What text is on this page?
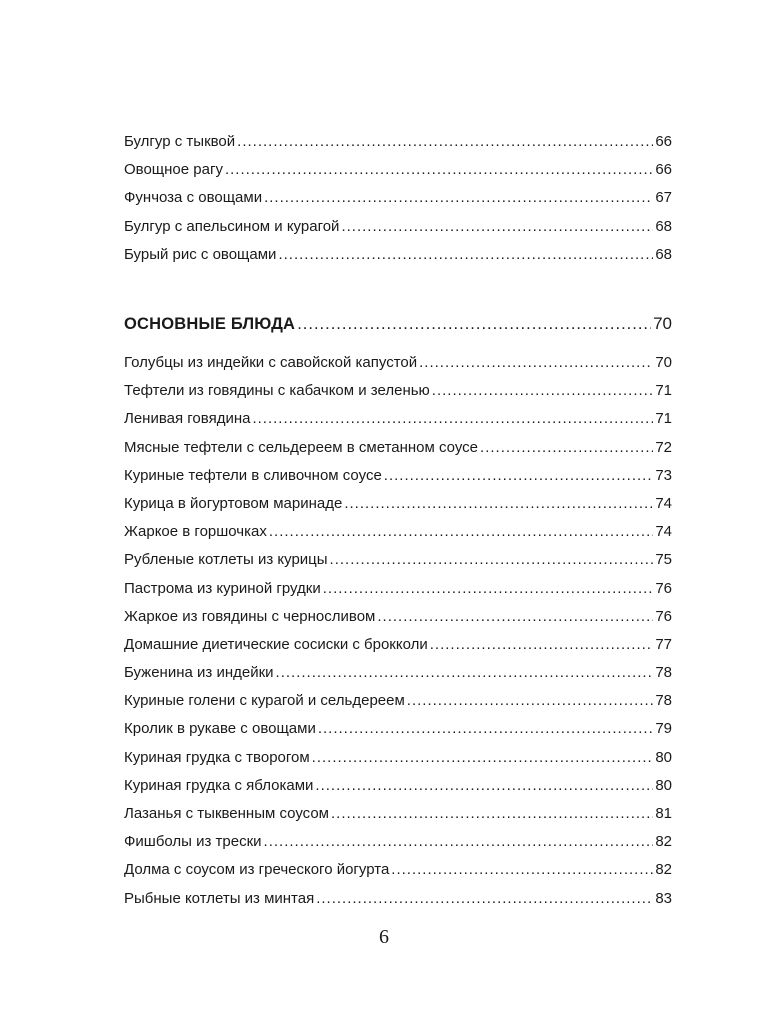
Булгур с тыквой .....	66
Овощное рагу .....	66
Фунчоза с овощами .....	67
Булгур с апельсином и курагой .....	68
Бурый рис с овощами .....	68
ОСНОВНЫЕ БЛЮДА .....	70
Голубцы из индейки с савойской капустой .....	70
Тефтели из говядины с кабачком и зеленью .....	71
Ленивая говядина .....	71
Мясные тефтели с сельдереем в сметанном соусе .....	72
Куриные тефтели в сливочном соусе .....	73
Курица в йогуртовом маринаде .....	74
Жаркое в горшочках .....	74
Рубленые котлеты из курицы .....	75
Пастрома из куриной грудки .....	76
Жаркое из говядины с черносливом .....	76
Домашние диетические сосиски с брокколи .....	77
Буженина из индейки .....	78
Куриные голени с курагой и сельдереем .....	78
Кролик в рукаве с овощами .....	79
Куриная грудка с творогом .....	80
Куриная грудка с яблоками .....	80
Лазанья с тыквенным соусом .....	81
Фишболы из трески .....	82
Долма с соусом из греческого йогурта .....	82
Рыбные котлеты из минтая .....	83
6
